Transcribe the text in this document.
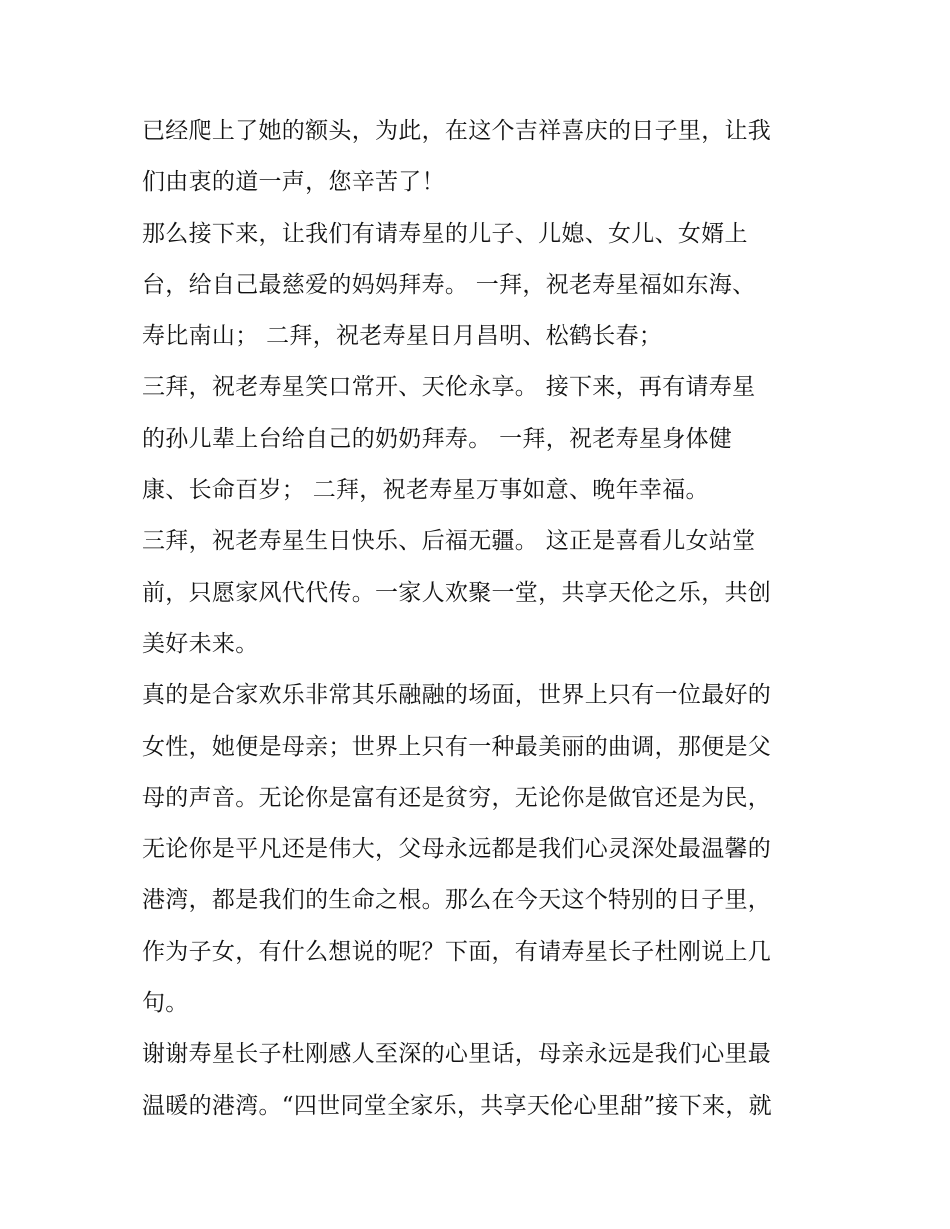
已经爬上了她的额头，为此，在这个吉祥喜庆的日子里，让我
们由衷的道一声，您辛苦了！
那么接下来，让我们有请寿星的儿子、儿媳、女儿、女婿上
台，给自己最慈爱的妈妈拜寿。 一拜，祝老寿星福如东海、
寿比南山； 二拜，祝老寿星日月昌明、松鹤长春；
三拜，祝老寿星笑口常开、天伦永享。 接下来，再有请寿星
的孙儿辈上台给自己的奶奶拜寿。 一拜，祝老寿星身体健
康、长命百岁； 二拜，祝老寿星万事如意、晚年幸福。
三拜，祝老寿星生日快乐、后福无疆。 这正是喜看儿女站堂
前，只愿家风代代传。一家人欢聚一堂，共享天伦之乐，共创
美好未来。
真的是合家欢乐非常其乐融融的场面，世界上只有一位最好的
女性，她便是母亲；世界上只有一种最美丽的曲调，那便是父
母的声音。无论你是富有还是贫穷，无论你是做官还是为民，
无论你是平凡还是伟大，父母永远都是我们心灵深处最温馨的
港湾，都是我们的生命之根。那么在今天这个特别的日子里，
作为子女，有什么想说的呢？下面，有请寿星长子杜刚说上几
句。
谢谢寿星长子杜刚感人至深的心里话，母亲永远是我们心里最
温暖的港湾。“四世同堂全家乐，共享天伦心里甜”接下来，就
